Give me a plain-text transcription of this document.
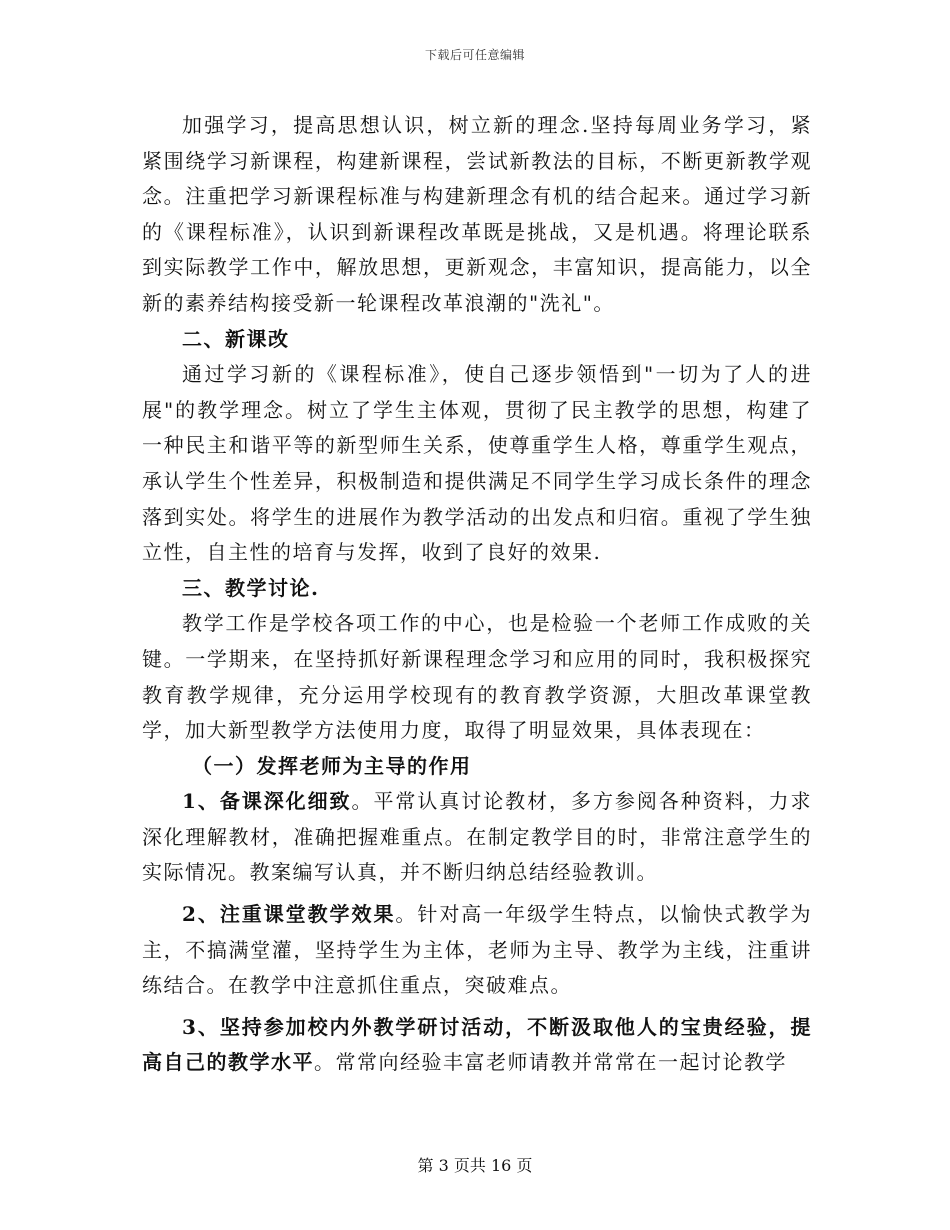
下载后可任意编辑

加强学习，提高思想认识，树立新的理念.坚持每周业务学习，紧紧围绕学习新课程，构建新课程，尝试新教法的目标，不断更新教学观念。注重把学习新课程标准与构建新理念有机的结合起来。通过学习新的《课程标准》，认识到新课程改革既是挑战，又是机遇。将理论联系到实际教学工作中，解放思想，更新观念，丰富知识，提高能力，以全新的素养结构接受新一轮课程改革浪潮的"洗礼"。

二、新课改

通过学习新的《课程标准》，使自己逐步领悟到"一切为了人的进展"的教学理念。树立了学生主体观，贯彻了民主教学的思想，构建了一种民主和谐平等的新型师生关系，使尊重学生人格，尊重学生观点，承认学生个性差异，积极制造和提供满足不同学生学习成长条件的理念落到实处。将学生的进展作为教学活动的出发点和归宿。重视了学生独立性，自主性的培育与发挥，收到了良好的效果.

三、教学讨论.

教学工作是学校各项工作的中心，也是检验一个老师工作成败的关键。一学期来，在坚持抓好新课程理念学习和应用的同时，我积极探究教育教学规律，充分运用学校现有的教育教学资源，大胆改革课堂教学，加大新型教学方法使用力度，取得了明显效果，具体表现在：

（一）发挥老师为主导的作用

1、备课深化细致。平常认真讨论教材，多方参阅各种资料，力求深化理解教材，准确把握难重点。在制定教学目的时，非常注意学生的实际情况。教案编写认真，并不断归纳总结经验教训。

2、注重课堂教学效果。针对高一年级学生特点，以愉快式教学为主，不搞满堂灌，坚持学生为主体，老师为主导、教学为主线，注重讲练结合。在教学中注意抓住重点，突破难点。

3、坚持参加校内外教学研讨活动，不断汲取他人的宝贵经验，提高自己的教学水平。常常向经验丰富老师请教并常常在一起讨论教学

第 3 页共 16 页
